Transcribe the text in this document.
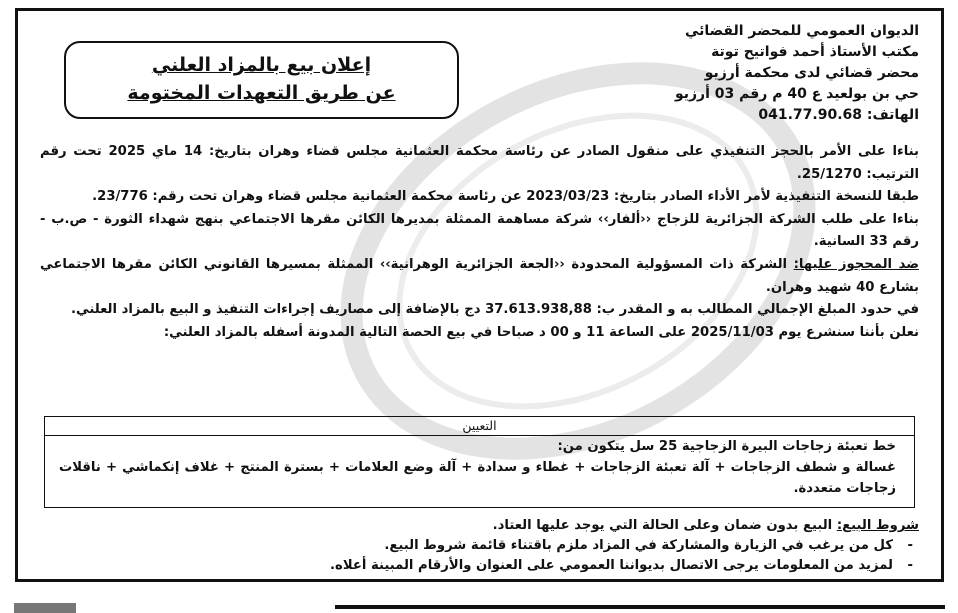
الديوان العمومي للمحضر القضائي
مكتب الأستاذ أحمد فواتيح توتة
محضر قضائي لدى محكمة أرزيو
حي بن بولعيد ع 40 م رقم 03 أرزيو
الهاتف: 041.77.90.68
إعلان بيع بالمزاد العلني
عن طريق التعهدات المختومة

بناءا على الأمر بالحجز التنفيذي على منقول الصادر عن رئاسة محكمة العثمانية مجلس قضاء وهران بتاريخ: 14 ماي 2025 تحت رقم الترتيب: 25/1270.

طبقا للنسخة التنفيذية لأمر الأداء الصادر بتاريخ: 2023/03/23 عن رئاسة محكمة العثمانية مجلس قضاء وهران تحت رقم: 23/776.

بناءا على طلب الشركة الجزائرية للزجاج ‹‹ألفار›› شركة مساهمة الممثلة بمديرها الكائن مقرها الاجتماعي بنهج شهداء الثورة - ص.ب - رقم 33 السانية.

ضد المحجوز عليها: الشركة ذات المسؤولية المحدودة ‹‹الجعة الجزائرية الوهرانية›› الممثلة بمسيرها القانوني الكائن مقرها الاجتماعي بشارع 40 شهيد وهران.

في حدود المبلغ الإجمالي المطالب به و المقدر ب: 37.613.938,88 دج بالإضافة إلى مصاريف إجراءات التنفيذ و البيع بالمزاد العلني.

نعلن بأننا سنشرع يوم 2025/11/03 على الساعة 11 و 00 د صباحا في بيع الحصة التالية المدونة أسفله بالمزاد العلني:

التعيين
خط تعبئة زجاجات البيرة الزجاجية 25 سل يتكون من:
غسالة و شطف الزجاجات + آلة تعبئة الزجاجات + غطاء و سدادة + آلة وضع العلامات + بسترة المنتج + غلاف إنكماشي + ناقلات زجاجات متعددة.
شروط البيع: البيع بدون ضمان وعلى الحالة التي يوجد عليها العتاد.
-
كل من يرغب في الزيارة والمشاركة في المزاد ملزم باقتناء قائمة شروط البيع.
-
لمزيد من المعلومات يرجى الاتصال بديواننا العمومي على العنوان والأرقام المبينة أعلاه.
